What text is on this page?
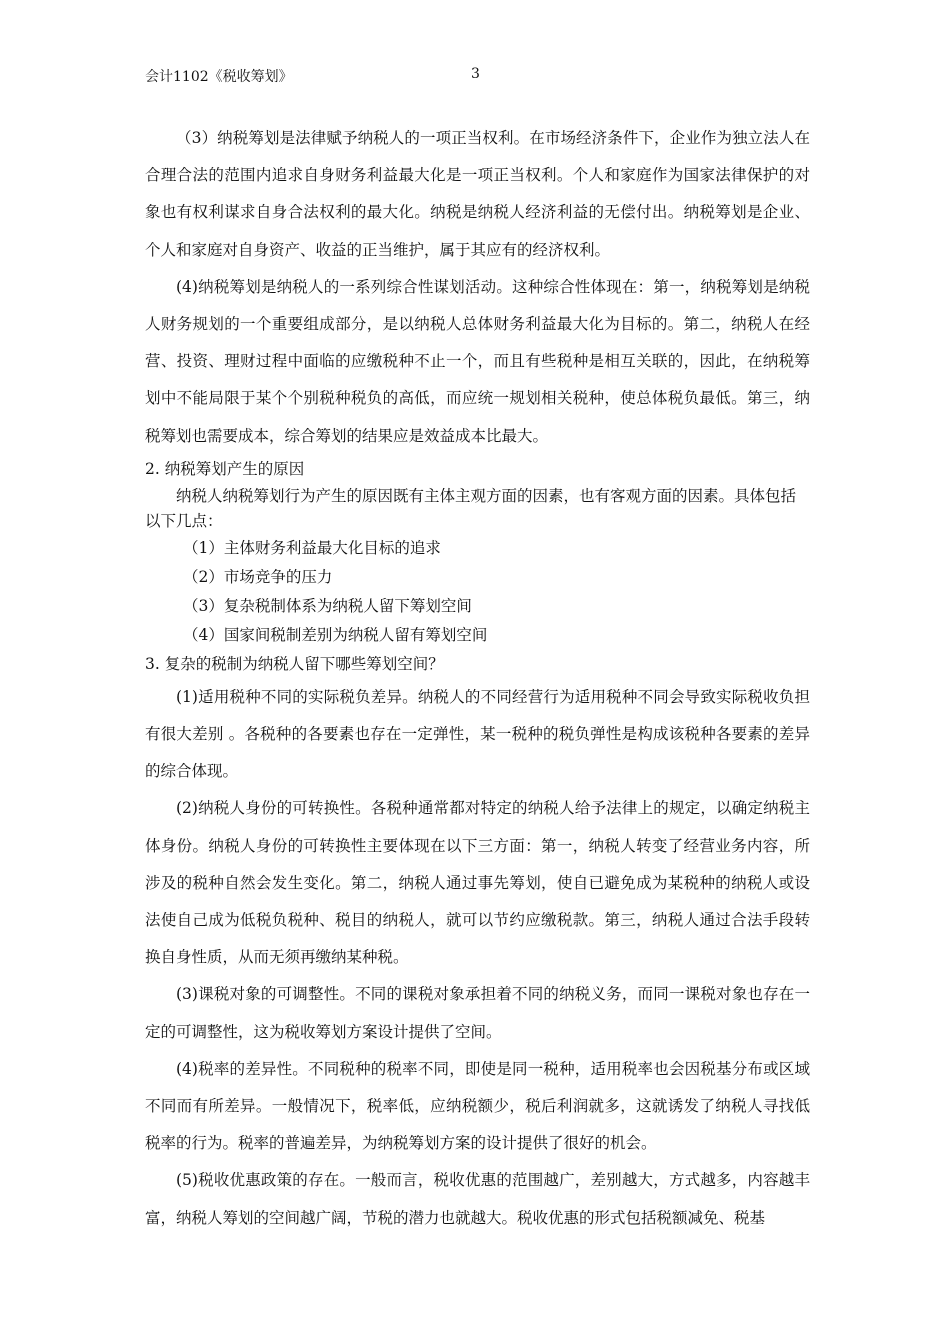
会计1102《税收筹划》	3

（3）纳税筹划是法律赋予纳税人的一项正当权利。在市场经济条件下，企业作为独立法人在合理合法的范围内追求自身财务利益最大化是一项正当权利。个人和家庭作为国家法律保护的对象也有权利谋求自身合法权利的最大化。纳税是纳税人经济利益的无偿付出。纳税筹划是企业、个人和家庭对自身资产、收益的正当维护，属于其应有的经济权利。

(4)纳税筹划是纳税人的一系列综合性谋划活动。这种综合性体现在：第一，纳税筹划是纳税人财务规划的一个重要组成部分，是以纳税人总体财务利益最大化为目标的。第二，纳税人在经营、投资、理财过程中面临的应缴税种不止一个，而且有些税种是相互关联的，因此，在纳税筹划中不能局限于某个个别税种税负的高低，而应统一规划相关税种，使总体税负最低。第三，纳税筹划也需要成本，综合筹划的结果应是效益成本比最大。

2. 纳税筹划产生的原因

纳税人纳税筹划行为产生的原因既有主体主观方面的因素，也有客观方面的因素。具体包括以下几点：

（1）主体财务利益最大化目标的追求
（2）市场竞争的压力
（3）复杂税制体系为纳税人留下筹划空间
（4）国家间税制差别为纳税人留有筹划空间

3. 复杂的税制为纳税人留下哪些筹划空间？

(1)适用税种不同的实际税负差异。纳税人的不同经营行为适用税种不同会导致实际税收负担有很大差别 。各税种的各要素也存在一定弹性，某一税种的税负弹性是构成该税种各要素的差异的综合体现。

(2)纳税人身份的可转换性。各税种通常都对特定的纳税人给予法律上的规定，以确定纳税主体身份。纳税人身份的可转换性主要体现在以下三方面：第一，纳税人转变了经营业务内容，所涉及的税种自然会发生变化。第二，纳税人通过事先筹划，使自已避免成为某税种的纳税人或设法使自己成为低税负税种、税目的纳税人，就可以节约应缴税款。第三，纳税人通过合法手段转换自身性质，从而无须再缴纳某种税。

(3)课税对象的可调整性。不同的课税对象承担着不同的纳税义务，而同一课税对象也存在一定的可调整性，这为税收筹划方案设计提供了空间。

(4)税率的差异性。不同税种的税率不同，即使是同一税种，适用税率也会因税基分布或区域不同而有所差异。一般情况下，税率低，应纳税额少，税后利润就多，这就诱发了纳税人寻找低税率的行为。税率的普遍差异，为纳税筹划方案的设计提供了很好的机会。

(5)税收优惠政策的存在。一般而言，税收优惠的范围越广，差别越大，方式越多，内容越丰富，纳税人筹划的空间越广阔，节税的潜力也就越大。税收优惠的形式包括税额减免、税基
